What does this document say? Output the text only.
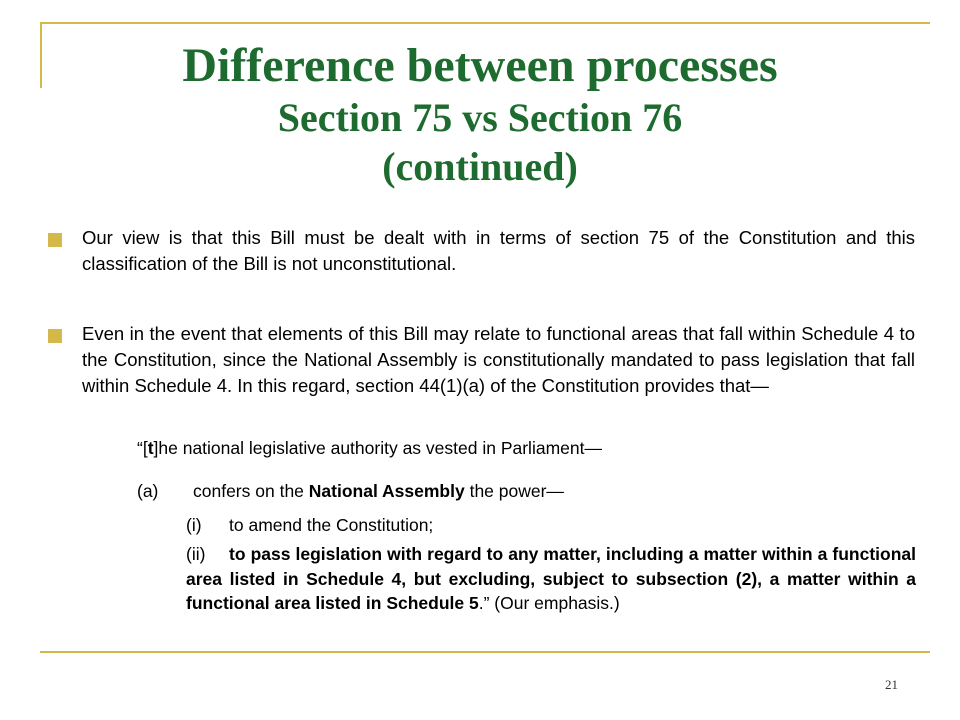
Difference between processes
Section 75 vs Section 76
(continued)
Our view is that this Bill must be dealt with in terms of section 75 of the Constitution and this classification of the Bill is not unconstitutional.
Even in the event that elements of this Bill may relate to functional areas that fall within Schedule 4 to the Constitution, since the National Assembly is constitutionally mandated to pass legislation that fall within Schedule 4. In this regard, section 44(1)(a) of the Constitution provides that—
“[t]he national legislative authority as vested in Parliament—
(a) confers on the National Assembly the power—
(i) to amend the Constitution;
(ii) to pass legislation with regard to any matter, including a matter within a functional area listed in Schedule 4, but excluding, subject to subsection (2), a matter within a functional area listed in Schedule 5.” (Our emphasis.)
21
